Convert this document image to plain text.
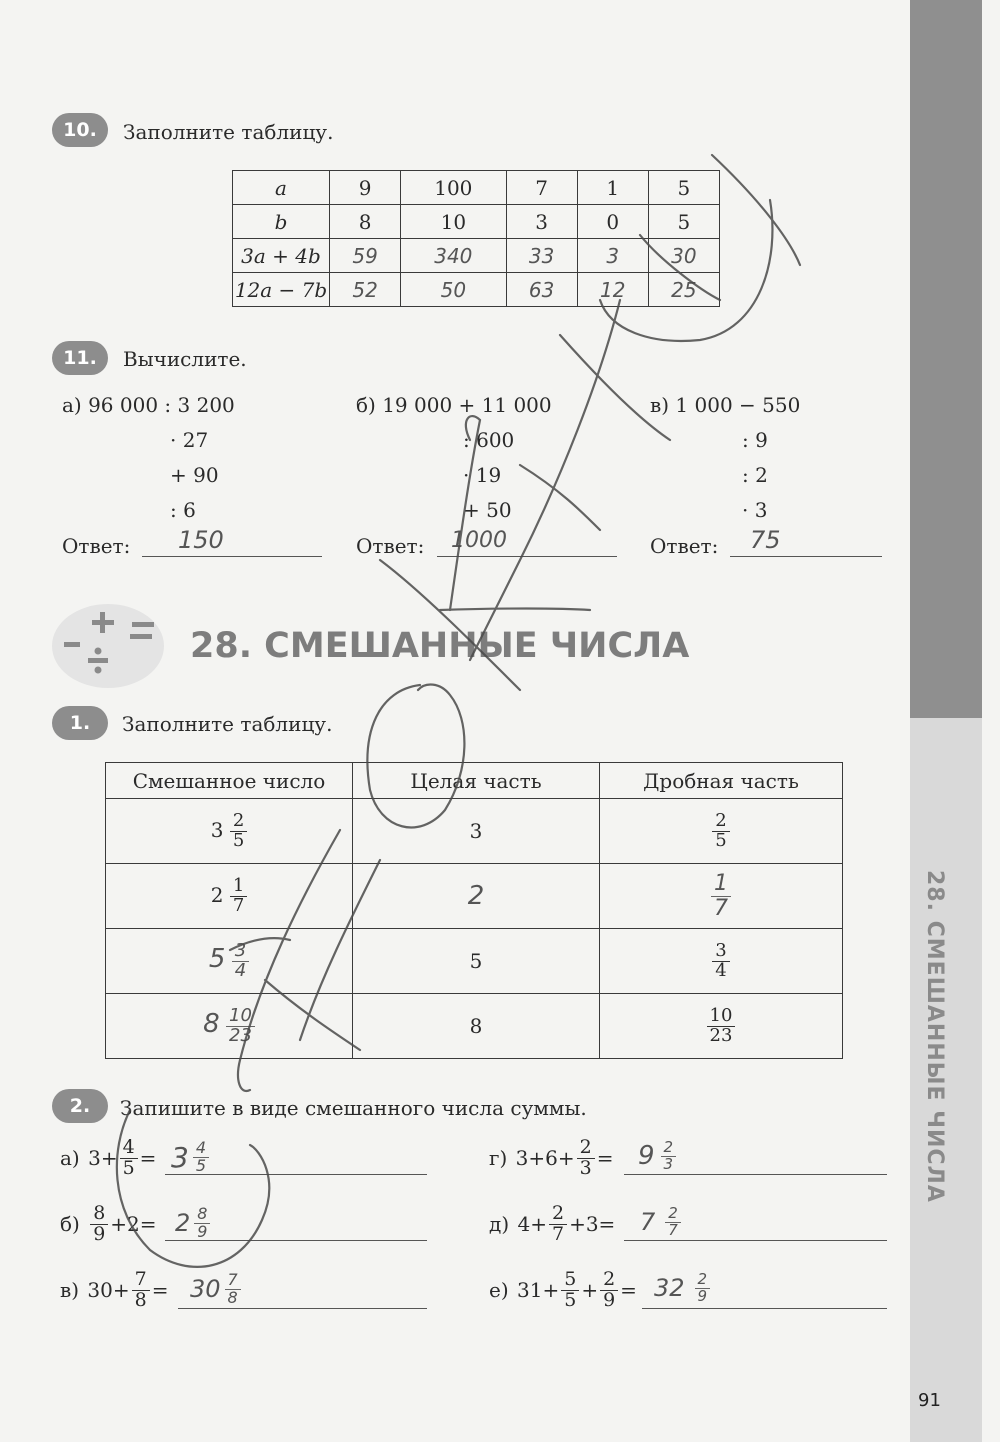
28. СМЕШАННЫЕ ЧИСЛА
91
10.	Заполните таблицу.
a	9	100	7	1	5
b	8	10	3	0	5
3a + 4b	59	340	33	3	30
12a − 7b	52	50	63	12	25
11.	Вычислите.
а) 96 000 : 3 200
· 27
+ 90
: 6
Ответ: 150
б) 19 000 + 11 000
: 600
· 19
+ 50
Ответ: 1000
в) 1 000 − 550
: 9
: 2
· 3
Ответ: 75
28. СМЕШАННЫЕ ЧИСЛА
1.	Заполните таблицу.
Смешанное число	Целая часть	Дробная часть
$3 \frac{2}{5}$	3	$\frac{2}{5}$

$2 \frac{1}{7}$	2	$\frac{1}{7}$

$5 \frac{3}{4}$	5	$\frac{3}{4}$

$8 \frac{10}{23}$	8	$\frac{10}{23}$
2.	Запишите в виде смешанного числа суммы.
а) $3+ \frac{4}{5} = 3 \frac{4}{5}$
б)
$\frac{8}{9} +2= 2 \frac{8}{9}$
в) $30+ \frac{7}{8} = 30 \frac{7}{8}$
г) $3+6+ \frac{2}{3} = 9 \frac{2}{3}$
д) $4+ \frac{2}{7} +3= 7 \frac{2}{7}$
е) $31+ \frac{5}{5} + \frac{2}{9} = 32 \frac{2}{9}$
